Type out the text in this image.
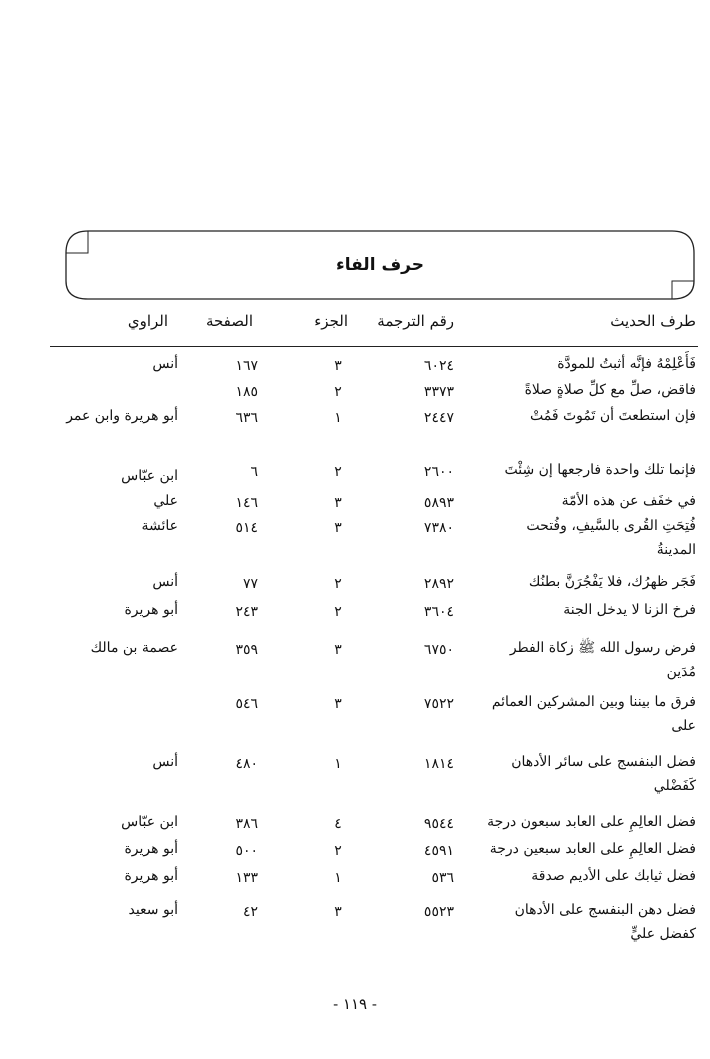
حرف الفاء
طرف الحديث
رقم الترجمة
الجزء
الصفحة
الراوي
فَأَعْلِمْهُ فإنَّه أثبتُ للمودَّة
٦٠٢٤
٣
١٦٧
أنس
فاقض، صلِّ مع كلِّ صلاةٍ صلاةً
٣٣٧٣
٢
١٨٥
فإن استطعتَ أن تَمُوتَ فَمُتْ
٢٤٤٧
١
٦٣٦
أبو هريرة وابن عمر
فإنما تلك واحدة فارجعها إن شِئْتَ
٢٦٠٠
٢
٦
ابن عبّاس
في خفَف عن هذه الأمّة
٥٨٩٣
٣
١٤٦
علي
فُتِحَتِ القُرى بالسَّيفِ، وفُتحت المدينةُ
٧٣٨٠
٣
٥١٤
عائشة
فَجَر ظهرُك، فلا يَفْجُرَنَّ بطنُك
٢٨٩٢
٢
٧٧
أنس
فرخ الزنا لا يدخل الجنة
٣٦٠٤
٢
٢٤٣
أبو هريرة
فرض رسول الله ﷺ زكاة الفطر مُدَين
٦٧٥٠
٣
٣٥٩
عصمة بن مالك
فرق ما بيننا وبين المشركين العمائم على
٧٥٢٢
٣
٥٤٦
فضل البنفسج على سائر الأدهان كَفَضْلي
١٨١٤
١
٤٨٠
أنس
فضل العالِمِ على العابد سبعون درجة
٩٥٤٤
٤
٣٨٦
ابن عبّاس
فضل العالِمِ على العابد سبعين درجة
٤٥٩١
٢
٥٠٠
أبو هريرة
فضل ثيابك على الأديم صدقة
٥٣٦
١
١٣٣
أبو هريرة
فضل دهن البنفسج على الأدهان كفضل عليٍّ
٥٥٢٣
٣
٤٢
أبو سعيد
- ١١٩ -
